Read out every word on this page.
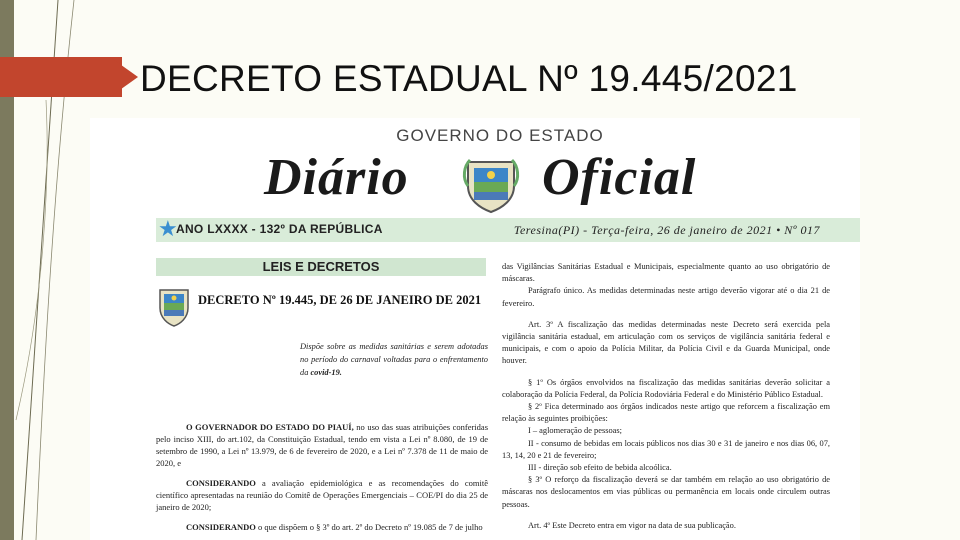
DECRETO ESTADUAL Nº 19.445/2021
GOVERNO DO ESTADO
Diário	Oficial
★
ANO LXXXX - 132º DA REPÚBLICA	Teresina(PI) - Terça-feira, 26 de janeiro de 2021 • Nº 017
LEIS E DECRETOS
DECRETO Nº 19.445, DE 26 DE JANEIRO DE 2021
Dispõe sobre as medidas sanitárias e serem adotadas no período do carnaval voltadas para o enfrentamento da covid-19.

O GOVERNADOR DO ESTADO DO PIAUÍ, no uso das suas atribuições conferidas pelo inciso XIII, do art.102, da Constituição Estadual, tendo em vista a Lei nº 8.080, de 19 de setembro de 1990, a Lei nº 13.979, de 6 de fevereiro de 2020, e a Lei nº 7.378 de 11 de maio de 2020, e

CONSIDERANDO a avaliação epidemiológica e as recomendações do comitê científico apresentadas na reunião do Comitê de Operações Emergenciais – COE/PI do dia 25 de janeiro de 2020;

CONSIDERANDO o que dispõem o § 3º do art. 2º do Decreto nº 19.085 de 7 de julho

das Vigilâncias Sanitárias Estadual e Municipais, especialmente quanto ao uso obrigatório de máscaras.

Parágrafo único. As medidas determinadas neste artigo deverão vigorar até o dia 21 de fevereiro.

Art. 3º A fiscalização das medidas determinadas neste Decreto será exercida pela vigilância sanitária estadual, em articulação com os serviços de vigilância sanitária federal e municipais, e com o apoio da Polícia Militar, da Polícia Civil e da Guarda Municipal, onde houver.

§ 1º Os órgãos envolvidos na fiscalização das medidas sanitárias deverão solicitar a colaboração da Polícia Federal, da Polícia Rodoviária Federal e do Ministério Público Estadual.

§ 2º Fica determinado aos órgãos indicados neste artigo que reforcem a fiscalização em relação às seguintes proibições:

I – aglomeração de pessoas;

II - consumo de bebidas em locais públicos nos dias 30 e 31 de janeiro e nos dias 06, 07, 13, 14, 20 e 21 de fevereiro;

III - direção sob efeito de bebida alcoólica.

§ 3º O reforço da fiscalização deverá se dar também em relação ao uso obrigatório de máscaras nos deslocamentos em vias públicas ou permanência em locais onde circulem outras pessoas.

Art. 4º Este Decreto entra em vigor na data de sua publicação.
